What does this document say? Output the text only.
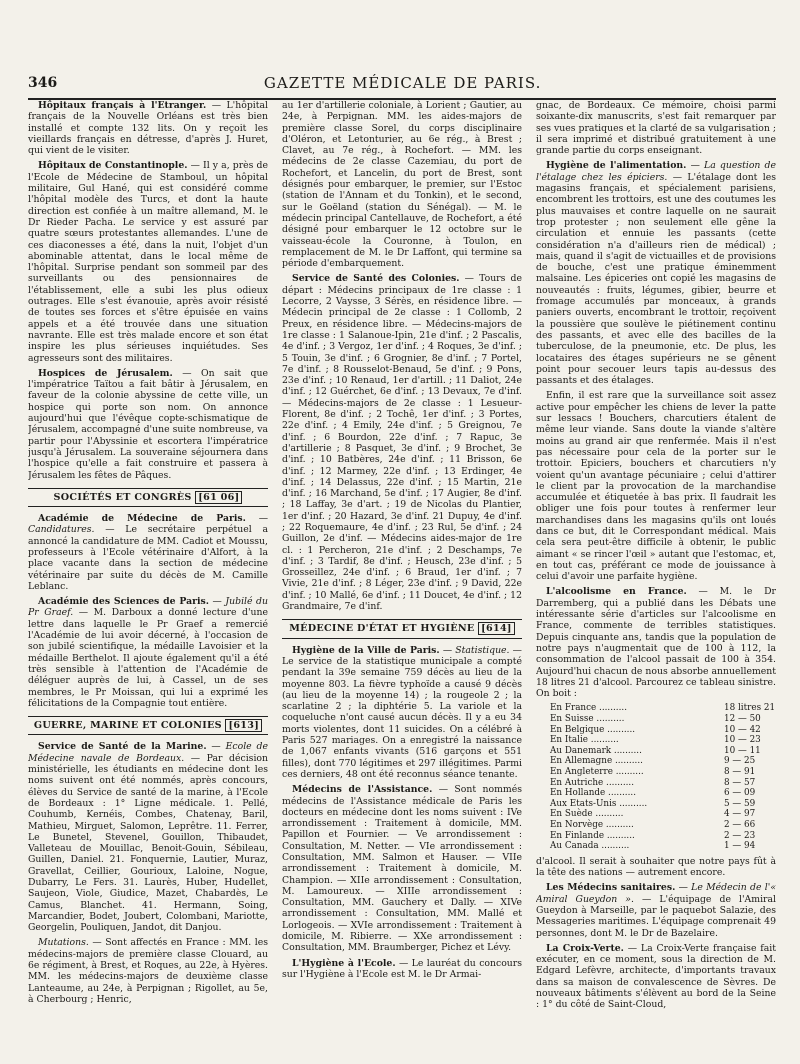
346	GAZETTE MÉDICALE DE PARIS.

Hôpitaux français à l'Etranger. — L'hôpital français de la Nouvelle Orléans est très bien installé et compte 132 lits. On y reçoit les vieillards français en détresse, d'après J. Huret, qui vient de le visiter.

Hôpitaux de Constantinople. — Il y a, près de l'Ecole de Médecine de Stamboul, un hôpital militaire, Gul Hané, qui est considéré comme l'hôpital modèle des Turcs, et dont la haute direction est confiée à un maître allemand, M. le Dr Rieder Pacha. Le service y est assuré par quatre sœurs protestantes allemandes. L'une de ces diaconesses a été, dans la nuit, l'objet d'un abominable attentat, dans le local même de l'hôpital. Surprise pendant son sommeil par des surveillants ou des pensionnaires de l'établissement, elle a subi les plus odieux outrages. Elle s'est évanouie, après avoir résisté de toutes ses forces et s'être épuisée en vains appels et a été trouvée dans une situation navrante. Elle est très malade encore et son état inspire les plus sérieuses inquiétudes. Ses agresseurs sont des militaires.

Hospices de Jérusalem. — On sait que l'impératrice Taïtou a fait bâtir à Jérusalem, en faveur de la colonie abyssine de cette ville, un hospice qui porte son nom. On annonce aujourd'hui que l'évêque copte-schismatique de Jérusalem, accompagné d'une suite nombreuse, va partir pour l'Abyssinie et escortera l'impératrice jusqu'à Jérusalem. La souveraine séjournera dans l'hospice qu'elle a fait construire et passera à Jérusalem les fêtes de Pâques.

SOCIÉTÉS ET CONGRÈS [61 06]

Académie de Médecine de Paris. — Candidatures. — Le secrétaire perpétuel a annoncé la candidature de MM. Cadiot et Moussu, professeurs à l'Ecole vétérinaire d'Alfort, à la place vacante dans la section de médecine vétérinaire par suite du décès de M. Camille Leblanc.

Académie des Sciences de Paris. — Jubilé du Pr Graef. — M. Darboux a donné lecture d'une lettre dans laquelle le Pr Graef a remercié l'Académie de lui avoir décerné, à l'occasion de son jubilé scientifique, la médaille Lavoisier et la médaille Berthelot. Il ajoute également qu'il a été très sensible à l'attention de l'Académie de déléguer auprès de lui, à Cassel, un de ses membres, le Pr Moissan, qui lui a exprimé les félicitations de la Compagnie tout entière.

GUERRE, MARINE ET COLONIES [613]

Service de Santé de la Marine. — Ecole de Médecine navale de Bordeaux. — Par décision ministérielle, les étudiants en médecine dont les noms suivent ont été nommés, après concours, élèves du Service de santé de la marine, à l'Ecole de Bordeaux : 1° Ligne médicale. 1. Pellé, Couhumb, Kernéis, Combes, Chatenay, Baril, Mathieu, Mirguet, Salomon, Leprêtre. 11. Ferrer, Le Bunetel, Stevenel, Gouillon, Thibaudet, Valleteau de Mouillac, Benoit-Gouin, Sébileau, Guillen, Daniel. 21. Fonquernie, Lautier, Muraz, Gravellat, Ceillier, Gourioux, Laloine, Nogue, Dubarry, Le Fers. 31. Laurès, Huber, Hudellet, Saujeon, Viole, Giudice, Mazet, Chabardès, Le Camus, Blanchet. 41. Hermann, Soing, Marcandier, Bodet, Joubert, Colombani, Mariotte, Georgelin, Pouliquen, Jandot, dit Danjou.

Mutations. — Sont affectés en France : MM. les médecins-majors de première classe Clouard, au 6e régiment, à Brest, et Roques, au 22e, à Hyères. MM. les médecins-majors de deuxième classe Lanteaume, au 24e, à Perpignan ; Rigollet, au 5e, à Cherbourg ; Henric,

au 1er d'artillerie coloniale, à Lorient ; Gautier, au 24e, à Perpignan. MM. les aides-majors de première classe Sorel, du corps disciplinaire d'Oléron, et Letonturier, au 6e rég., à Brest ; Clavet, au 7e rég., à Rochefort. — MM. les médecins de 2e classe Cazemiau, du port de Rochefort, et Lancelin, du port de Brest, sont désignés pour embarquer, le premier, sur l'Estoc (station de l'Annam et du Tonkin), et le second, sur le Goëland (station du Sénégal). — M. le médecin principal Cantellauve, de Rochefort, a été désigné pour embarquer le 12 octobre sur le vaisseau-école la Couronne, à Toulon, en remplacement de M. le Dr Laffont, qui termine sa période d'embarquement.

Service de Santé des Colonies. — Tours de départ : Médecins principaux de 1re classe : 1 Lecorre, 2 Vaysse, 3 Sérès, en résidence libre. — Médecin principal de 2e classe : 1 Collomb, 2 Preux, en résidence libre. — Médecins-majors de 1re classe : 1 Salanoue-Ipin, 21e d'inf. ; 2 Pascalis, 4e d'inf. ; 3 Vergoz, 1er d'inf. ; 4 Roques, 3e d'inf. ; 5 Touin, 3e d'inf. ; 6 Grognier, 8e d'inf. ; 7 Portel, 7e d'inf. ; 8 Rousselot-Benaud, 5e d'inf. ; 9 Pons, 23e d'inf. ; 10 Renaud, 1er d'artill. ; 11 Daliot, 24e d'inf. ; 12 Guérchet, 6e d'inf. ; 13 Devaux, 7e d'inf. — Médecins-majors de 2e classe : 1 Lesueur-Florent, 8e d'inf. ; 2 Tochê, 1er d'inf. ; 3 Portes, 22e d'inf. ; 4 Emily, 24e d'inf. ; 5 Greignou, 7e d'inf. ; 6 Bourdon, 22e d'inf. ; 7 Rapuc, 3e d'artillerie ; 8 Pasquet, 3e d'inf. ; 9 Brochet, 3e d'inf. ; 10 Batbères, 24e d'inf. ; 11 Brisson, 6e d'inf. ; 12 Marmey, 22e d'inf. ; 13 Erdinger, 4e d'inf. ; 14 Delassus, 22e d'inf. ; 15 Martin, 21e d'inf. ; 16 Marchand, 5e d'inf. ; 17 Augier, 8e d'inf. ; 18 Laffay, 3e d'art. ; 19 de Nicolas du Plantier, 1er d'inf. ; 20 Hazard, 3e d'inf. 21 Dupuy, 4e d'inf. ; 22 Roquemaure, 4e d'inf. ; 23 Rul, 5e d'inf. ; 24 Guillon, 2e d'inf. — Médecins aides-major de 1re cl. : 1 Percheron, 21e d'inf. ; 2 Deschamps, 7e d'inf. ; 3 Tardif, 8e d'inf. ; Heusch, 23e d'inf. ; 5 Grosseillez, 24e d'inf. ; 6 Braud, 1er d'inf. ; 7 Vivie, 21e d'inf. ; 8 Léger, 23e d'inf. ; 9 David, 22e d'inf. ; 10 Mallé, 6e d'inf. ; 11 Doucet, 4e d'inf. ; 12 Grandmaire, 7e d'inf.

MÉDECINE D'ÉTAT ET HYGIÈNE [614]

Hygiène de la Ville de Paris. — Statistique. — Le service de la statistique municipale a compté pendant la 39e semaine 759 décès au lieu de la moyenne 803. La fièvre typhoïde a causé 9 décès (au lieu de la moyenne 14) ; la rougeole 2 ; la scarlatine 2 ; la diphtérie 5. La variole et la coqueluche n'ont causé aucun décès. Il y a eu 34 morts violentes, dont 11 suicides. On a célébré à Paris 527 mariages. On a enregistré la naissance de 1,067 enfants vivants (516 garçons et 551 filles), dont 770 légitimes et 297 illégitimes. Parmi ces derniers, 48 ont été reconnus séance tenante.

Médecins de l'Assistance. — Sont nommés médecins de l'Assistance médicale de Paris les docteurs en médecine dont les noms suivent : IVe arrondissement : Traitement à domicile, MM. Papillon et Fournier. — Ve arrondissement : Consultation, M. Netter. — VIe arrondissement : Consultation, MM. Salmon et Hauser. — VIIe arrondissement : Traitement à domicile, M. Champion. — XIIe arrondissement : Consultation, M. Lamoureux. — XIIIe arrondissement : Consultation, MM. Gauchery et Dally. — XIVe arrondissement : Consultation, MM. Mallé et Lorlogeois. — XVIe arrondissement : Traitement à domicile, M. Ribierre. — XXe arrondissement : Consultation, MM. Braumberger, Pichez et Lévy.

L'Hygiène à l'Ecole. — Le lauréat du concours sur l'Hygiène à l'Ecole est M. le Dr Armai-

gnac, de Bordeaux. Ce mémoire, choisi parmi soixante-dix manuscrits, s'est fait remarquer par ses vues pratiques et la clarté de sa vulgarisation ; il sera imprimé et distribué gratuitement à une grande partie du corps enseignant.

Hygiène de l'alimentation. — La question de l'étalage chez les épiciers. — L'étalage dont les magasins français, et spécialement parisiens, encombrent les trottoirs, est une des coutumes les plus mauvaises et contre laquelle on ne saurait trop protester ; non seulement elle gêne la circulation et ennuie les passants (cette considération n'a d'ailleurs rien de médical) ; mais, quand il s'agit de victuailles et de provisions de bouche, c'est une pratique éminemment malsaine. Les épiceries ont copié les magasins de nouveautés : fruits, légumes, gibier, beurre et fromage accumulés par monceaux, à grands paniers ouverts, encombrant le trottoir, reçoivent la poussière que soulève le piétinement continu des passants, et avec elle des bacilles de la tuberculose, de la pneumonie, etc. De plus, les locataires des étages supérieurs ne se gênent point pour secouer leurs tapis au-dessus des passants et des étalages.

Enfin, il est rare que la surveillance soit assez active pour empêcher les chiens de lever la patte sur lessacs ! Bouchers, charcutiers étalent de même leur viande. Sans doute la viande s'altère moins au grand air que renfermée. Mais il n'est pas nécessaire pour cela de la porter sur le trottoir. Epiciers, bouchers et charcutiers n'y voient qu'un avantage pécuniaire ; celui d'attirer le client par la provocation de la marchandise accumulée et étiquetée à bas prix. Il faudrait les obliger une fois pour toutes à renfermer leur marchandises dans les magasins qu'ils ont loués dans ce but, dit le Correspondant médical. Mais cela sera peut-être difficile à obtenir, le public aimant « se rincer l'œil » autant que l'estomac, et, en tout cas, préférant ce mode de jouissance à celui d'avoir une parfaite hygiène.

L'alcoolisme en France. — M. le Dr Darremberg, qui a publié dans les Débats une intéressante série d'articles sur l'alcoolisme en France, commente de terribles statistiques. Depuis cinquante ans, tandis que la population de notre pays n'augmentait que de 100 à 112, la consommation de l'alcool passait de 100 à 354. Aujourd'hui chacun de nous absorbe annuellement 18 litres 21 d'alcool. Parcourez ce tableau sinistre. On boit :

En France ..........	18 litres 21
En Suisse ..........	12 — 50
En Belgique ..........	10 — 42
En Italie ..........	10 — 23
Au Danemark ..........	10 — 11
En Allemagne ..........	9 — 25
En Angleterre ..........	8 — 91
En Autriche ..........	8 — 57
En Hollande ..........	6 — 09
Aux Etats-Unis ..........	5 — 59
En Suède ..........	4 — 97
En Norvège ..........	2 — 66
En Finlande ..........	2 — 23
Au Canada ..........	1 — 94

d'alcool. Il serait à souhaiter que notre pays fût à la tête des nations — autrement encore.

Les Médecins sanitaires. — Le Médecin de l'« Amiral Gueydon ». — L'équipage de l'Amiral Gueydon à Marseille, par le paquebot Salazie, des Messageries maritimes. L'équipage comprenait 49 personnes, dont M. le Dr de Bazelaire.

La Croix-Verte. — La Croix-Verte française fait exécuter, en ce moment, sous la direction de M. Edgard Lefèvre, architecte, d'importants travaux dans sa maison de convalescence de Sèvres. De nouveaux bâtiments s'élèvent au bord de la Seine : 1° du côté de Saint-Cloud,
